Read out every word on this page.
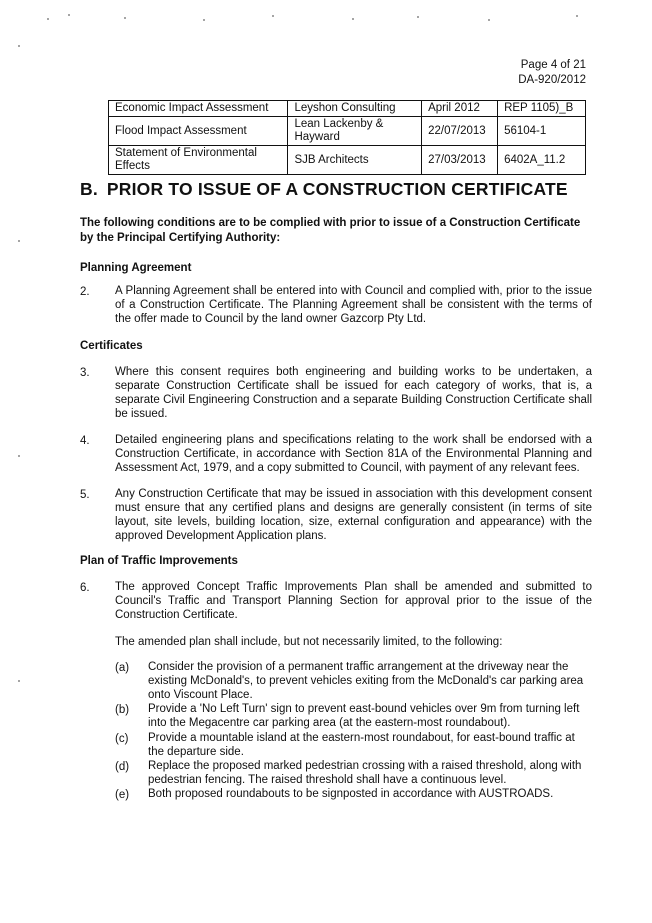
Page 4 of 21
DA-920/2012
Economic Impact Assessment	Leyshon Consulting	April 2012	REP 1105)_B
Flood Impact Assessment	Lean Lackenby & Hayward	22/07/2013	56104-1
Statement of Environmental Effects	SJB Architects	27/03/2013	6402A_11.2
B. PRIOR TO ISSUE OF A CONSTRUCTION CERTIFICATE
The following conditions are to be complied with prior to issue of a Construction Certificate by the Principal Certifying Authority:
Planning Agreement
2. A Planning Agreement shall be entered into with Council and complied with, prior to the issue of a Construction Certificate. The Planning Agreement shall be consistent with the terms of the offer made to Council by the land owner Gazcorp Pty Ltd.
Certificates
3. Where this consent requires both engineering and building works to be undertaken, a separate Construction Certificate shall be issued for each category of works, that is, a separate Civil Engineering Construction and a separate Building Construction Certificate shall be issued.
4. Detailed engineering plans and specifications relating to the work shall be endorsed with a Construction Certificate, in accordance with Section 81A of the Environmental Planning and Assessment Act, 1979, and a copy submitted to Council, with payment of any relevant fees.
5. Any Construction Certificate that may be issued in association with this development consent must ensure that any certified plans and designs are generally consistent (in terms of site layout, site levels, building location, size, external configuration and appearance) with the approved Development Application plans.
Plan of Traffic Improvements
6. The approved Concept Traffic Improvements Plan shall be amended and submitted to Council's Traffic and Transport Planning Section for approval prior to the issue of the Construction Certificate.
The amended plan shall include, but not necessarily limited, to the following:
(a) Consider the provision of a permanent traffic arrangement at the driveway near the existing McDonald's, to prevent vehicles exiting from the McDonald's car parking area onto Viscount Place.
(b) Provide a 'No Left Turn' sign to prevent east-bound vehicles over 9m from turning left into the Megacentre car parking area (at the eastern-most roundabout).
(c) Provide a mountable island at the eastern-most roundabout, for east-bound traffic at the departure side.
(d) Replace the proposed marked pedestrian crossing with a raised threshold, along with pedestrian fencing. The raised threshold shall have a continuous level.
(e) Both proposed roundabouts to be signposted in accordance with AUSTROADS.
